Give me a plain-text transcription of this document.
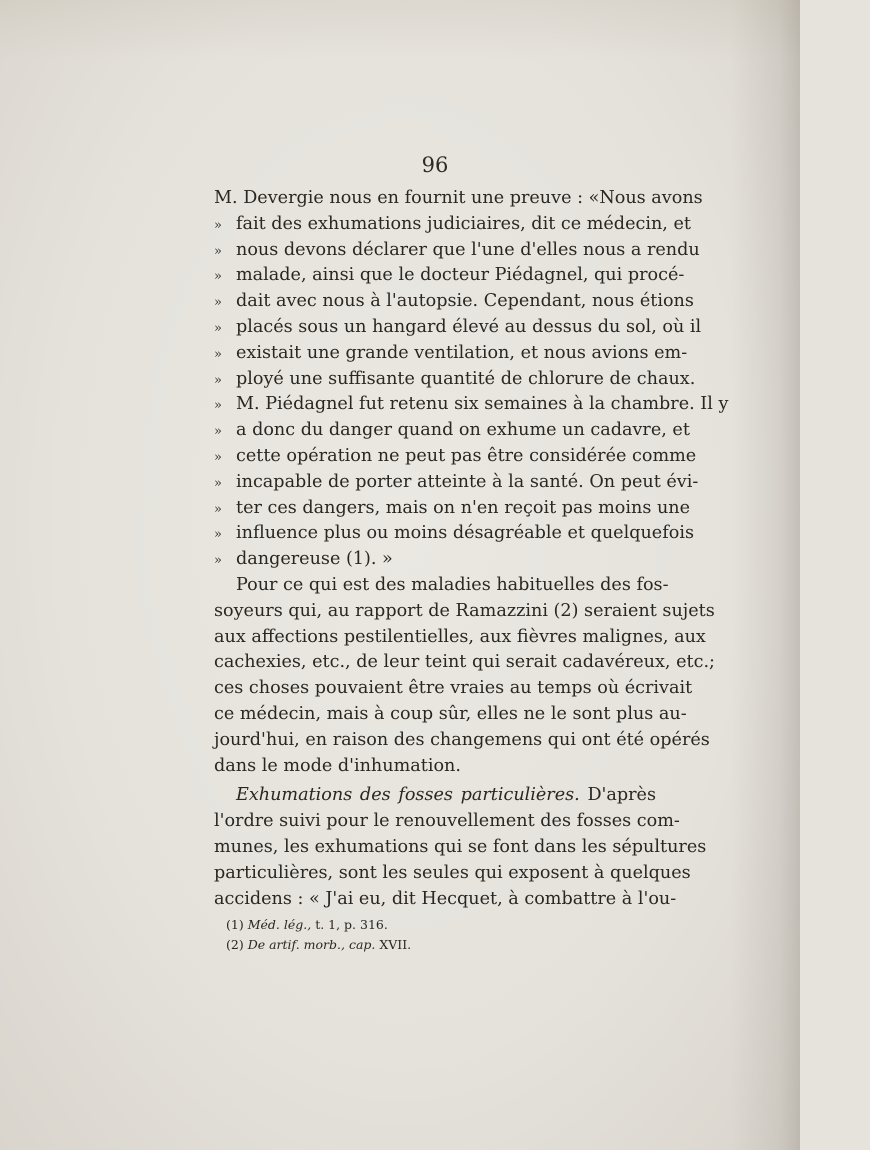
96
M. Devergie nous en fournit une preuve : «Nous avons
» fait des exhumations judiciaires, dit ce médecin, et
» nous devons déclarer que l'une d'elles nous a rendu
» malade, ainsi que le docteur Piédagnel, qui procé-
» dait avec nous à l'autopsie. Cependant, nous étions
» placés sous un hangard élevé au dessus du sol, où il
» existait une grande ventilation, et nous avions em-
» ployé une suffisante quantité de chlorure de chaux.
» M. Piédagnel fut retenu six semaines à la chambre. Il y
» a donc du danger quand on exhume un cadavre, et
» cette opération ne peut pas être considérée comme
» incapable de porter atteinte à la santé. On peut évi-
» ter ces dangers, mais on n'en reçoit pas moins une
» influence plus ou moins désagréable et quelquefois
» dangereuse (1). »
Pour ce qui est des maladies habituelles des fos-
soyeurs qui, au rapport de Ramazzini (2) seraient sujets
aux affections pestilentielles, aux fièvres malignes, aux
cachexies, etc., de leur teint qui serait cadavéreux, etc.;
ces choses pouvaient être vraies au temps où écrivait
ce médecin, mais à coup sûr, elles ne le sont plus au-
jourd'hui, en raison des changemens qui ont été opérés
dans le mode d'inhumation.
Exhumations des fosses particulières. D'après
l'ordre suivi pour le renouvellement des fosses com-
munes, les exhumations qui se font dans les sépultures
particulières, sont les seules qui exposent à quelques
accidens : « J'ai eu, dit Hecquet, à combattre à l'ou-
(1) Méd. lég., t. 1, p. 316.
(2) De artif. morb., cap. XVII.
